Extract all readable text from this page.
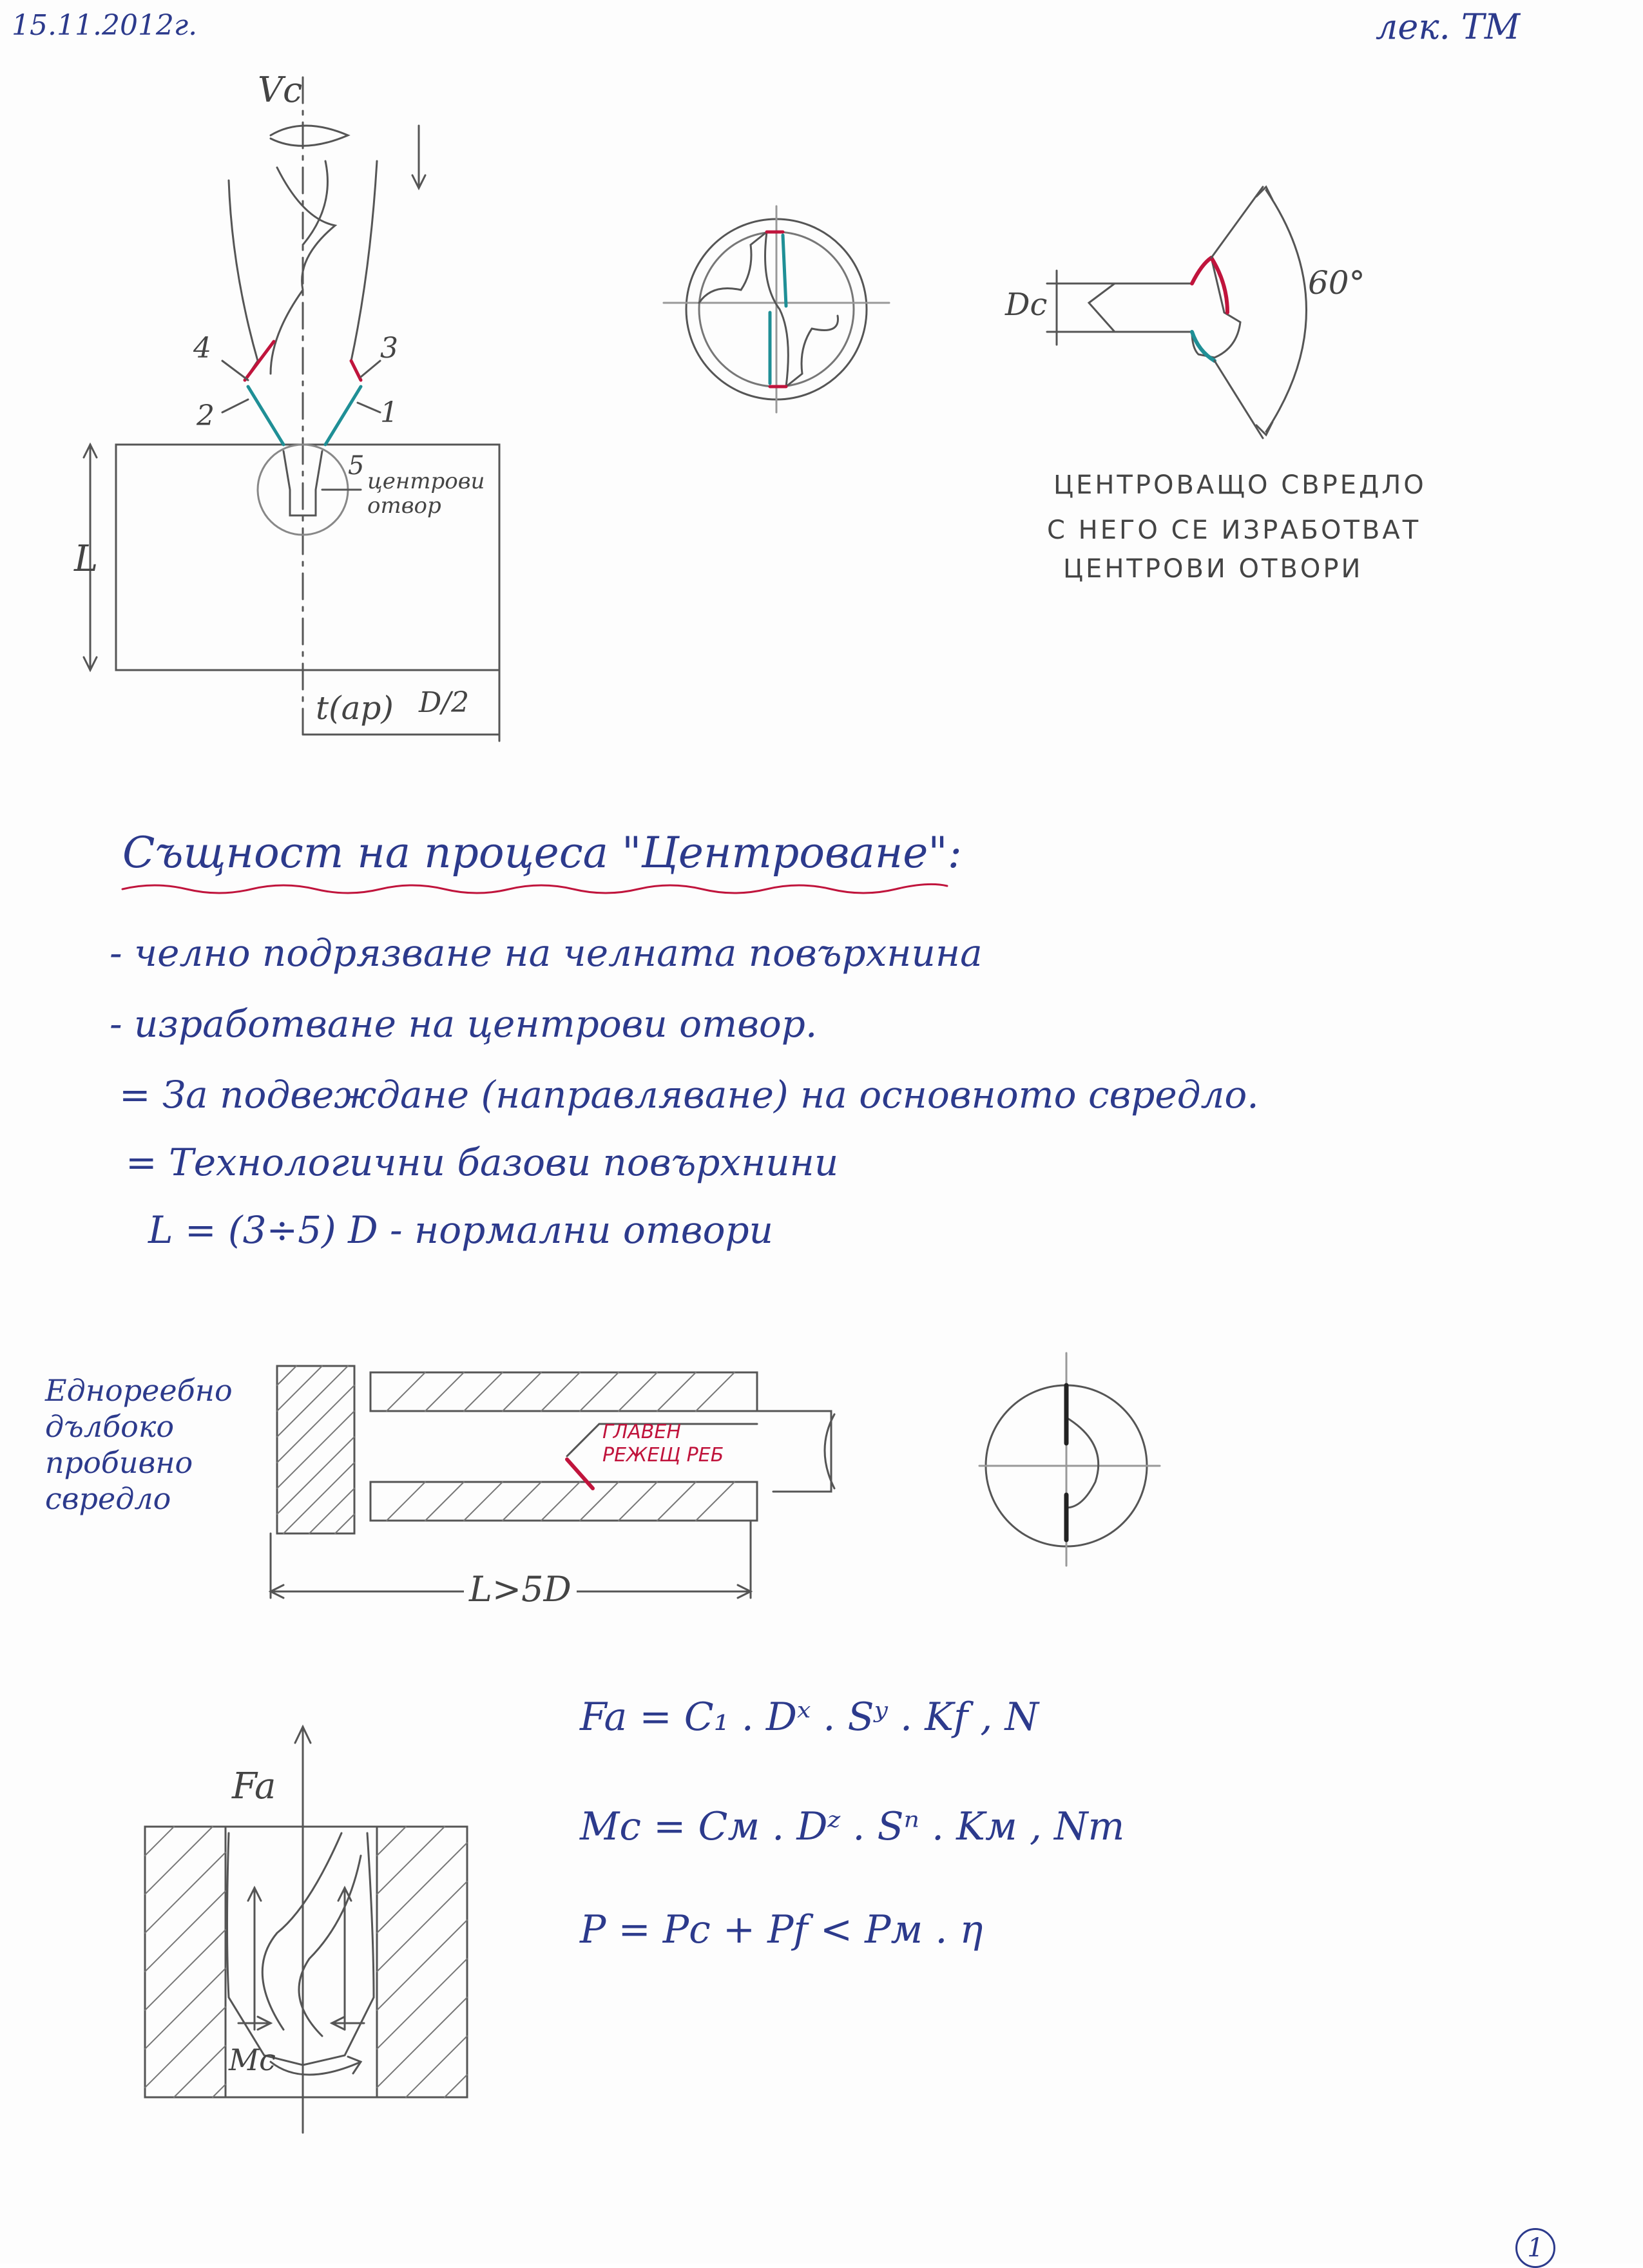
15.11.2012г.	лек. ТМ
Vc
4	3
2	1
5
центрови
отвор
L
t(ap) D/2
Dc
60°
ЦЕНТРОВАЩО СВРЕДЛО
С НЕГО СЕ ИЗРАБОТВАТ
ЦЕНТРОВИ ОТВОРИ
Същност на процеса "Центроване":
- челно подрязване на челната повърхнина
- изработване на центрови отвор.
= За подвеждане (направляване) на основното свредло.
= Технологични базови повърхнини
L = (3÷5) D - нормални отвори
Еднореебно
дълбоко
пробивно
свредло
ГЛАВЕН
РЕЖЕЩ РЕБ
L>5D
Fa
Mc
Fa = C₁ . Dˣ . Sʸ . Kf , N
Mc = Cм . Dᶻ . Sⁿ . Kм , Nm
P = Pc + Pf < Pм . η
1
